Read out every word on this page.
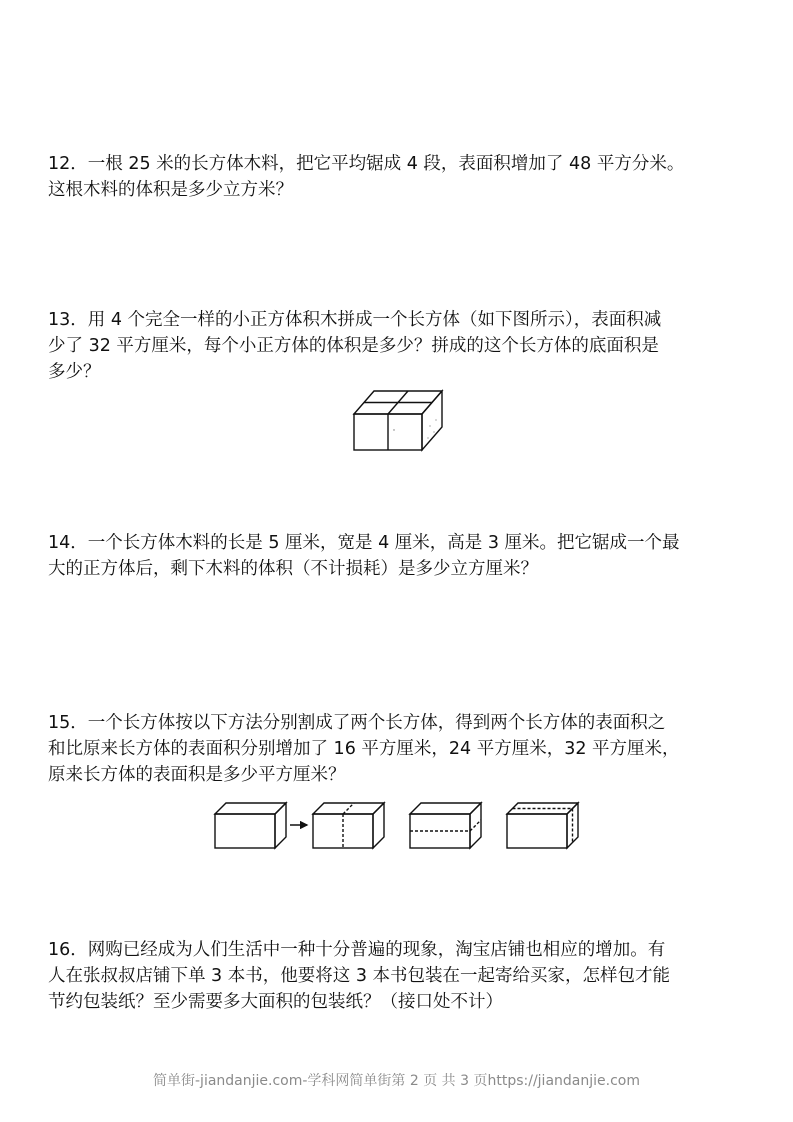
12．一根 25 米的长方体木料，把它平均锯成 4 段，表面积增加了 48 平方分米。

这根木料的体积是多少立方米？

13．用 4 个完全一样的小正方体积木拼成一个长方体（如下图所示），表面积减

少了 32 平方厘米，每个小正方体的体积是多少？拼成的这个长方体的底面积是

多少？

14．一个长方体木料的长是 5 厘米，宽是 4 厘米，高是 3 厘米。把它锯成一个最

大的正方体后，剩下木料的体积（不计损耗）是多少立方厘米？

15．一个长方体按以下方法分别割成了两个长方体，得到两个长方体的表面积之

和比原来长方体的表面积分别增加了 16 平方厘米，24 平方厘米，32 平方厘米，

原来长方体的表面积是多少平方厘米？

16．网购已经成为人们生活中一种十分普遍的现象，淘宝店铺也相应的增加。有

人在张叔叔店铺下单 3 本书，他要将这 3 本书包装在一起寄给买家，怎样包才能

节约包装纸？至少需要多大面积的包装纸？（接口处不计）

简单街-jiandanjie.com-学科网简单街第 2 页 共 3 页https://jiandanjie.com
